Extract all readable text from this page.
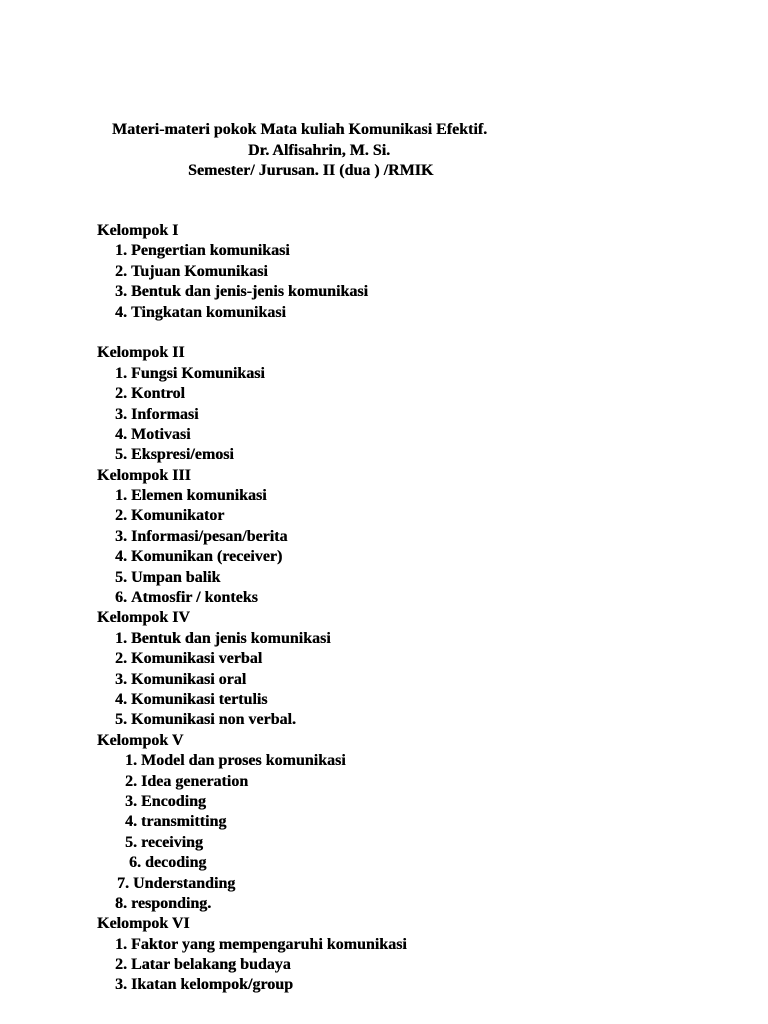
Materi-materi pokok Mata kuliah Komunikasi Efektif.
Dr. Alfisahrin, M. Si.
Semester/ Jurusan. II (dua ) /RMIK
Kelompok I
1. Pengertian komunikasi
2. Tujuan Komunikasi
3. Bentuk dan jenis-jenis komunikasi
4. Tingkatan komunikasi
Kelompok II
1. Fungsi Komunikasi
2. Kontrol
3. Informasi
4. Motivasi
5. Ekspresi/emosi
Kelompok III
1. Elemen komunikasi
2. Komunikator
3. Informasi/pesan/berita
4. Komunikan (receiver)
5. Umpan balik
6. Atmosfir / konteks
Kelompok IV
1. Bentuk dan jenis komunikasi
2. Komunikasi verbal
3. Komunikasi oral
4. Komunikasi tertulis
5. Komunikasi non verbal.
Kelompok V
1. Model dan proses komunikasi
2. Idea generation
3. Encoding
4. transmitting
5. receiving
6. decoding
7. Understanding
8. responding.
Kelompok VI
1. Faktor yang mempengaruhi komunikasi
2. Latar belakang budaya
3. Ikatan kelompok/group
